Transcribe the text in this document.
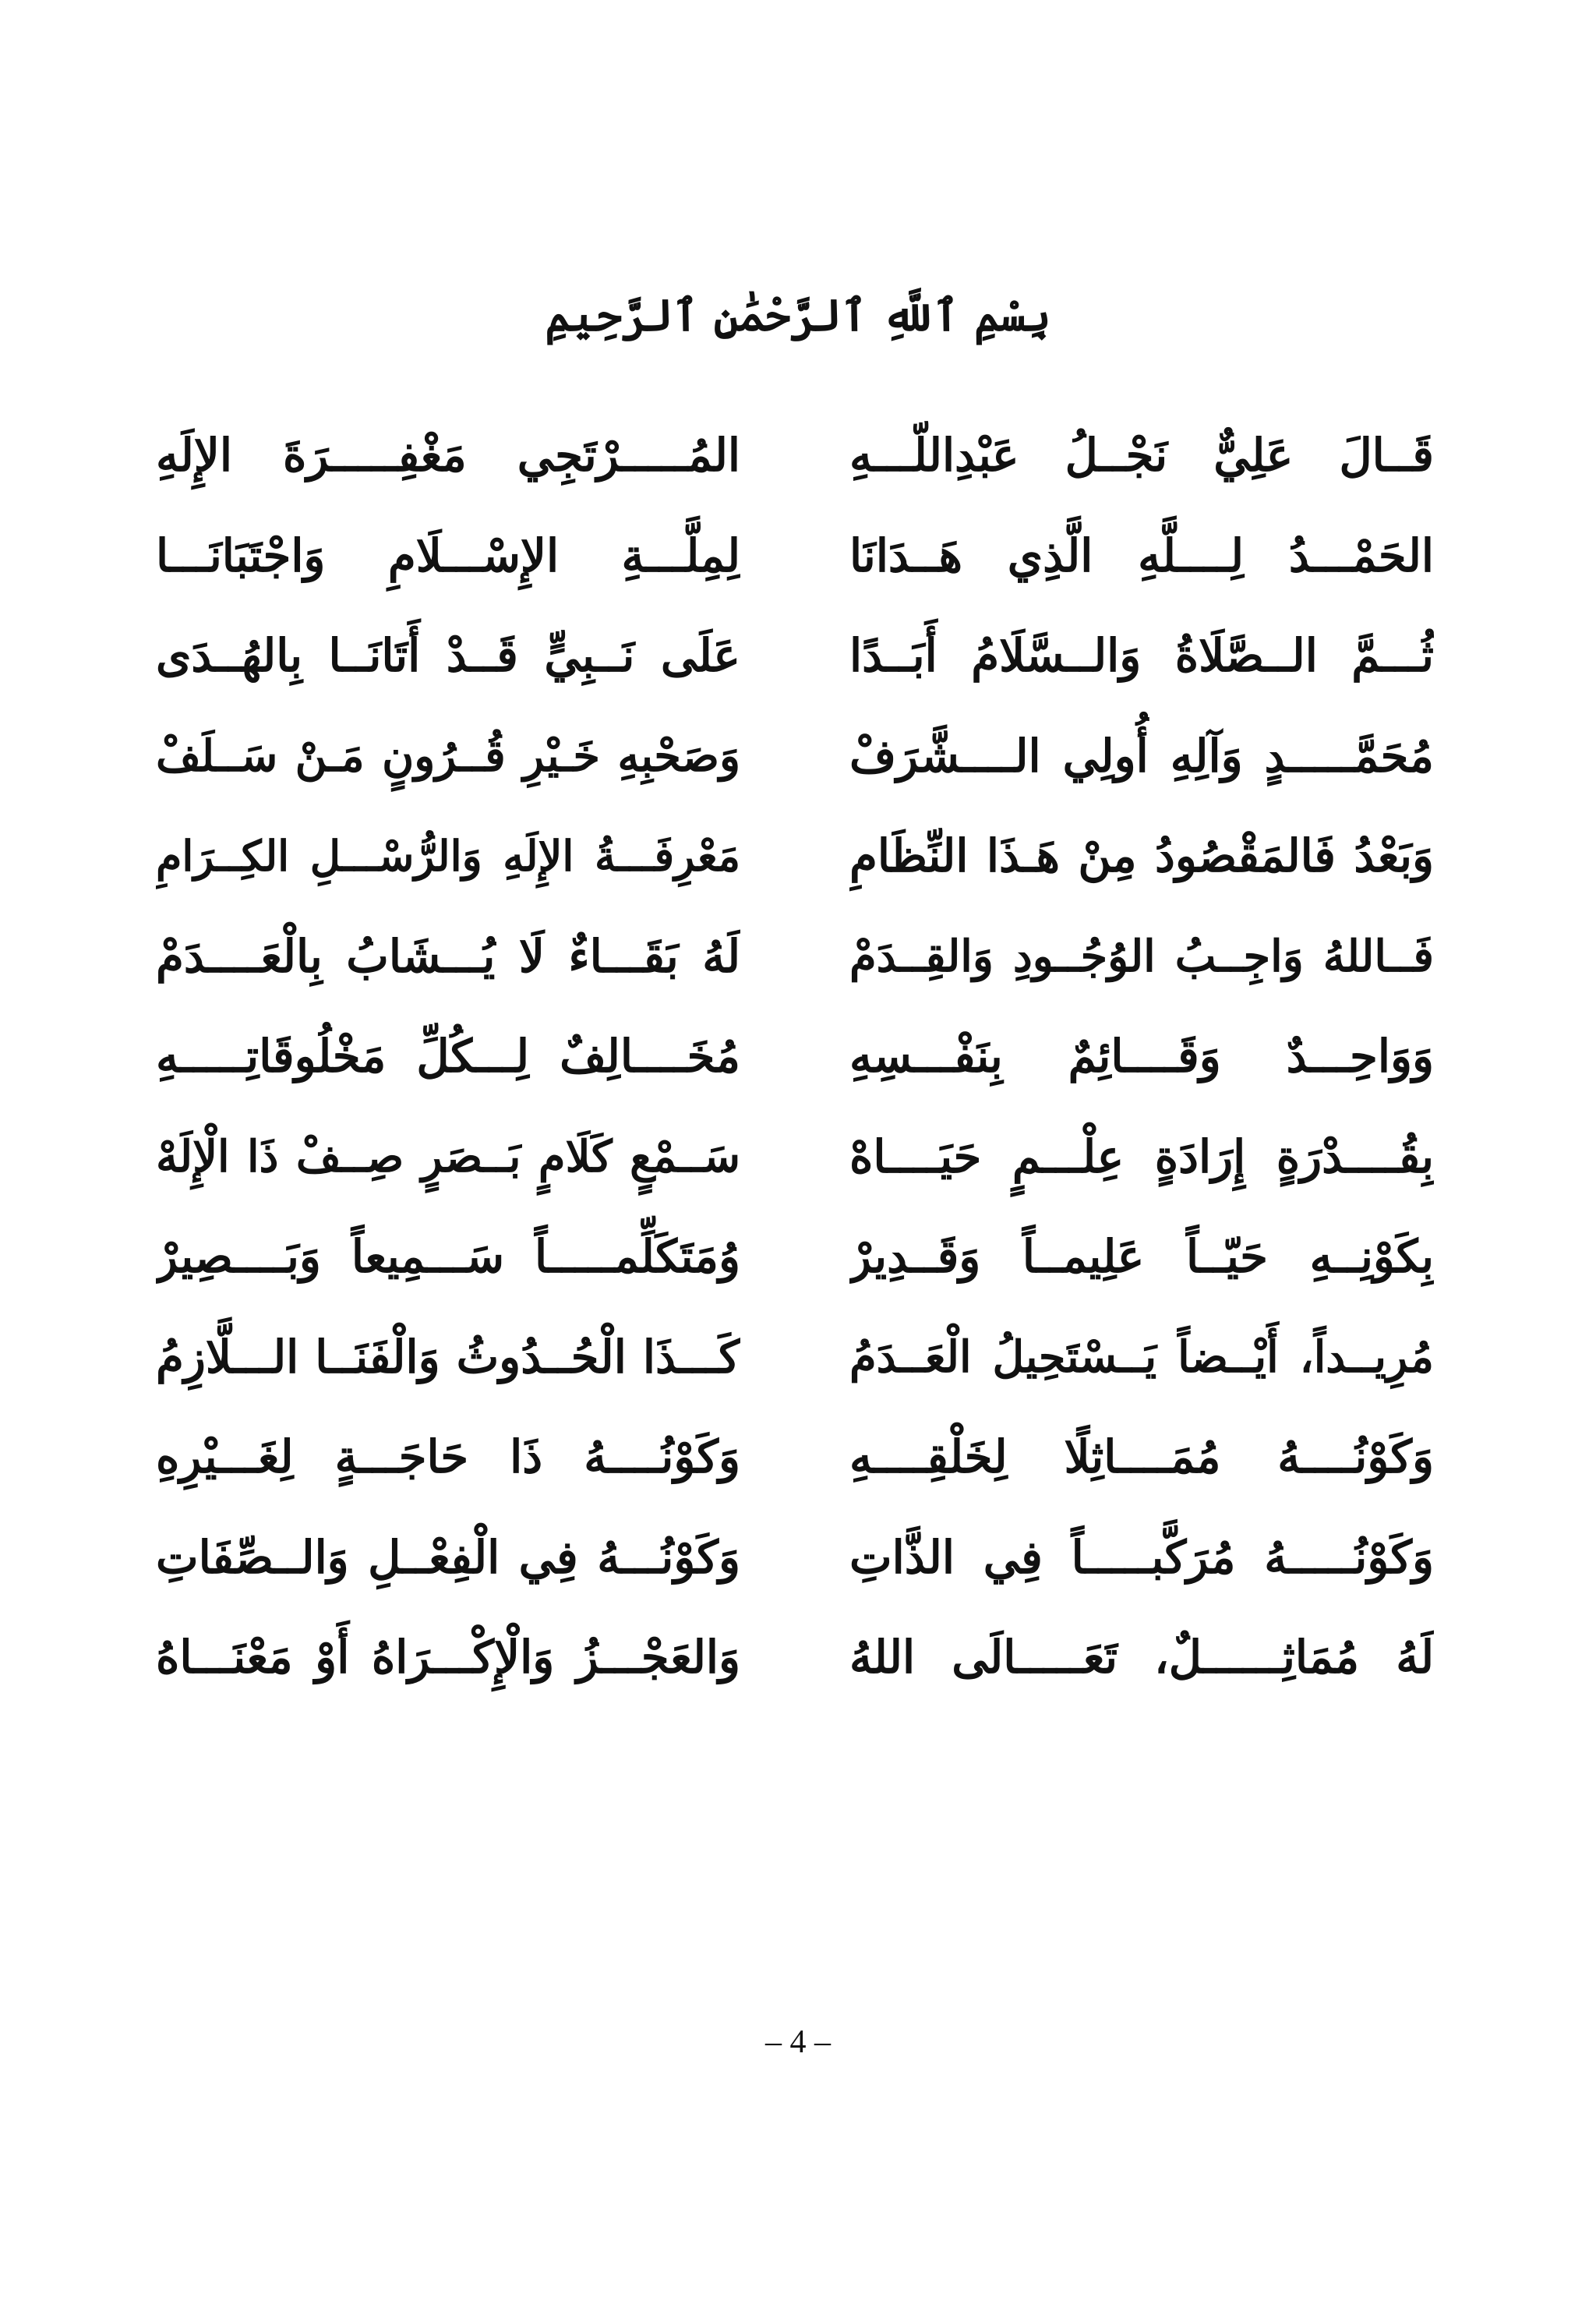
بِسْمِ ٱللَّهِ ٱلرَّحْمَٰنِ ٱلرَّحِيمِ
قَــالَ عَلِيٌّ نَجْــلُ عَبْدِاللّـــهِ
المُـــــرْتَجِي مَغْفِـــــرَةَ الإِلَهِ
الحَمْـــدُ لِــــلَّهِ الَّذِي هَــدَانَا
لِمِلَّـــةِ الإِسْـــلَامِ وَاجْتَبَانَـــا
ثُـــمَّ الــصَّلَاةُ وَالــسَّلَامُ أَبَــدًا
عَلَى نَــبِيٍّ قَــدْ أَتَانَــا بِالهُــدَى
مُحَمَّـــــدٍ وَآلِهِ أُولِي الــــشَّرَفْ
وَصَحْبِهِ خَـيْرِ قُــرُونٍ مَـنْ سَــلَفْ
وَبَعْدُ فَالمَقْصُودُ مِنْ هَـذَا النِّظَامِ
مَعْرِفَـــةُ الإِلَهِ وَالرُّسْـــلِ الكِــرَامِ
فَــاللهُ وَاجِــبُ الوُجُــودِ وَالقِــدَمْ
لَهُ بَقَـــاءٌ لَا يُـــشَابُ بِالْعَــــدَمْ
وَوَاحِـــدٌ وَقَــــائِمٌ بِنَفْـــسِهِ
مُخَــــالِفٌ لِـــكُلِّ مَخْلُوقَاتِـــــهِ
بِقُــــدْرَةٍ إِرَادَةٍ عِلْـــمٍ حَيَــــاهْ
سَــمْعٍ كَلَامٍ بَــصَرٍ صِــفْ ذَا الْإِلَهْ
بِكَوْنِــهِ حَيّــاً عَلِيمــاً وَقَــدِيرْ
وُمَتَكَلِّمـــــاً سَـــمِيعاً وَبَــــصِيرْ
مُرِيــداً، أَيْــضاً يَــسْتَحِيلُ الْعَــدَمُ
كَـــذَا الْحُــدُوثُ وَالْفَنَــا الـــلَّازِمُ
وَكَوْنُــــهُ مُمَــــاثِلًا لِخَلْقِــــهِ
وَكَوْنُــــهُ ذَا حَاجَـــةٍ لِغَـــيْرِهِ
وَكَوْنُـــــهُ مُرَكَّبـــــاً فِي الذَّاتِ
وَكَوْنُـــهُ فِي الْفِعْــلِ وَالــصِّفَاتِ
لَهُ مُمَاثِــــــلٌ، تَعَـــــالَى اللهُ
وَالعَجْـــزُ وَالْإِكْـــرَاهُ أَوْ مَعْنَـــاهُ
– 4 –
